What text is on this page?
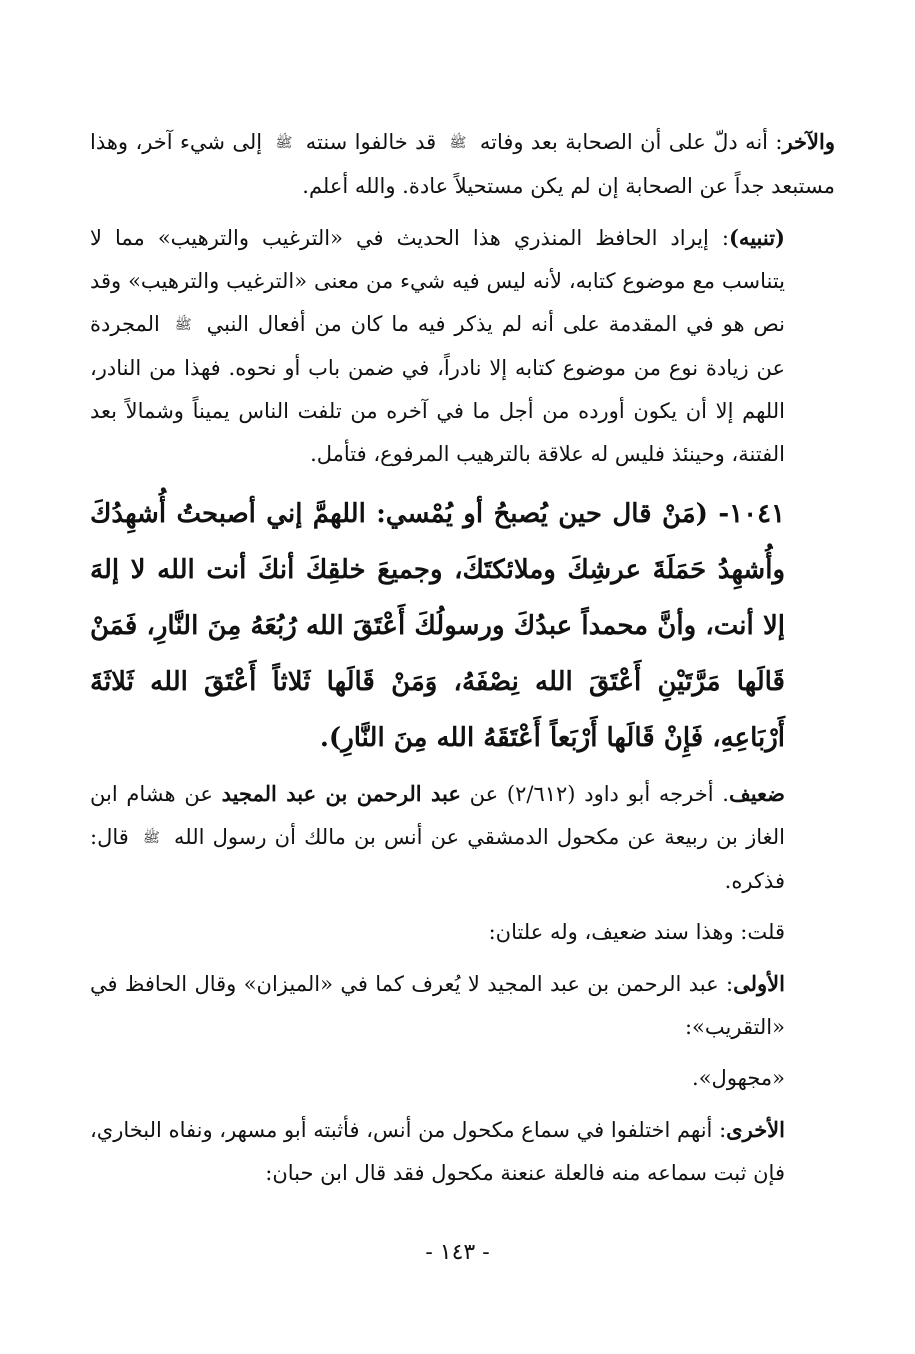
والآخر: أنه دلّ على أن الصحابة بعد وفاته ﷺ قد خالفوا سنته ﷺ إلى شيء آخر، وهذا مستبعد جداً عن الصحابة إن لم يكن مستحيلاً عادة. والله أعلم.

(تنبيه): إيراد الحافظ المنذري هذا الحديث في «الترغيب والترهيب» مما لا يتناسب مع موضوع كتابه، لأنه ليس فيه شيء من معنى «الترغيب والترهيب» وقد نص هو في المقدمة على أنه لم يذكر فيه ما كان من أفعال النبي ﷺ المجردة عن زيادة نوع من موضوع كتابه إلا نادراً، في ضمن باب أو نحوه. فهذا من النادر، اللهم إلا أن يكون أورده من أجل ما في آخره من تلفت الناس يميناً وشمالاً بعد الفتنة، وحينئذ فليس له علاقة بالترهيب المرفوع، فتأمل.

١٠٤١- (مَنْ قال حين يُصبحُ أو يُمْسي: اللهمَّ إني أصبحتُ أُشهِدُكَ وأُشهِدُ حَمَلَةَ عرشِكَ وملائكتَكَ، وجميعَ خلقِكَ أنكَ أنت الله لا إلهَ إلا أنت، وأنَّ محمداً عبدُكَ ورسولُكَ أَعْتَقَ الله رُبُعَهُ مِنَ النَّارِ، فَمَنْ قَالَها مَرَّتَيْنِ أَعْتَقَ الله نِصْفَهُ، وَمَنْ قَالَها ثَلاثاً أَعْتَقَ الله ثَلاثَةَ أَرْبَاعِهِ، فَإِنْ قَالَها أَرْبَعاً أَعْتَقَهُ الله مِنَ النَّارِ).

ضعيف. أخرجه أبو داود (٢/٦١٢) عن عبد الرحمن بن عبد المجيد عن هشام ابن الغاز بن ربيعة عن مكحول الدمشقي عن أنس بن مالك أن رسول الله ﷺ قال: فذكره.

قلت: وهذا سند ضعيف، وله علتان:

الأولى: عبد الرحمن بن عبد المجيد لا يُعرف كما في «الميزان» وقال الحافظ في «التقريب»:

«مجهول».

الأخرى: أنهم اختلفوا في سماع مكحول من أنس، فأثبته أبو مسهر، ونفاه البخاري، فإن ثبت سماعه منه فالعلة عنعنة مكحول فقد قال ابن حبان:

- ١٤٣ -
